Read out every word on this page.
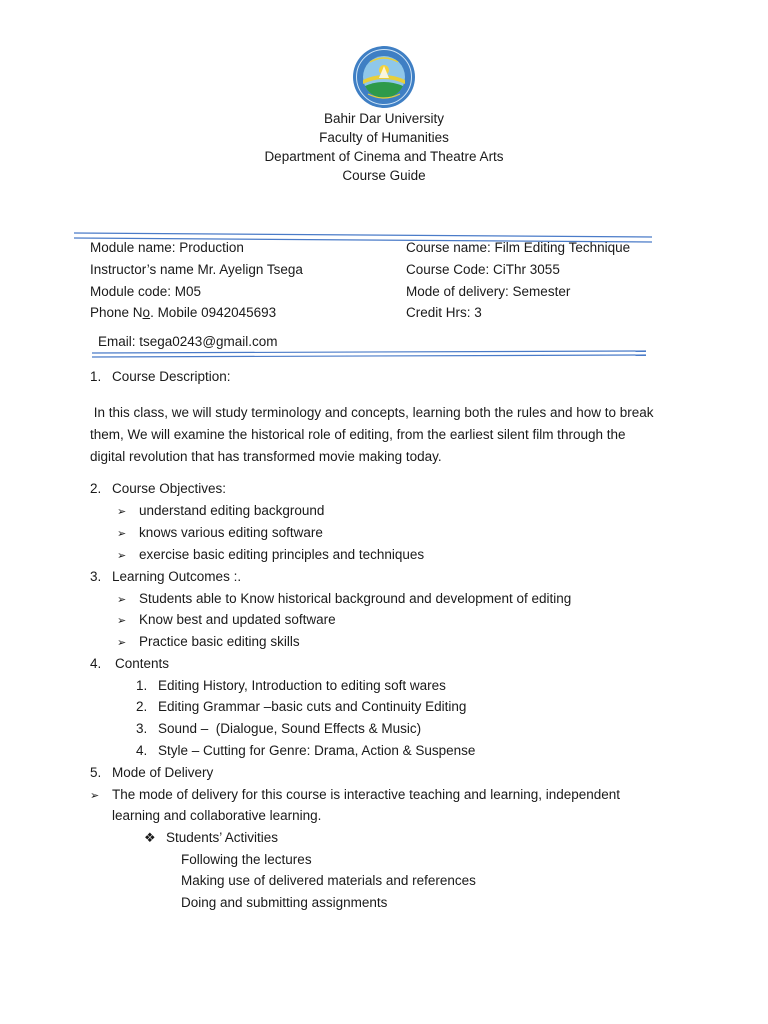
Bahir Dar University
Faculty of Humanities
Department of Cinema and Theatre Arts
Course Guide
Module name: Production
Instructor’s name Mr. Ayelign Tsega
Module code: M05
Phone No. Mobile 0942045693
Course name: Film Editing Technique
Course Code: CiThr 3055
Mode of delivery: Semester
Credit Hrs: 3
Email: tsega0243@gmail.com
1. Course Description:
In this class, we will study terminology and concepts, learning both the rules and how to break
them, We will examine the historical role of editing, from the earliest silent film through the
digital revolution that has transformed movie making today.
2. Course Objectives:
➢ understand editing background
➢ knows various editing software
➢ exercise basic editing principles and techniques
3. Learning Outcomes :.
➢ Students able to Know historical background and development of editing
➢ Know best and updated software
➢ Practice basic editing skills
4. Contents
1. Editing History, Introduction to editing soft wares
2. Editing Grammar –basic cuts and Continuity Editing
3. Sound –  (Dialogue, Sound Effects & Music)
4. Style – Cutting for Genre: Drama, Action & Suspense
5. Mode of Delivery
➢ The mode of delivery for this course is interactive teaching and learning, independent
learning and collaborative learning.
❖ Students’ Activities
Following the lectures
Making use of delivered materials and references
Doing and submitting assignments
